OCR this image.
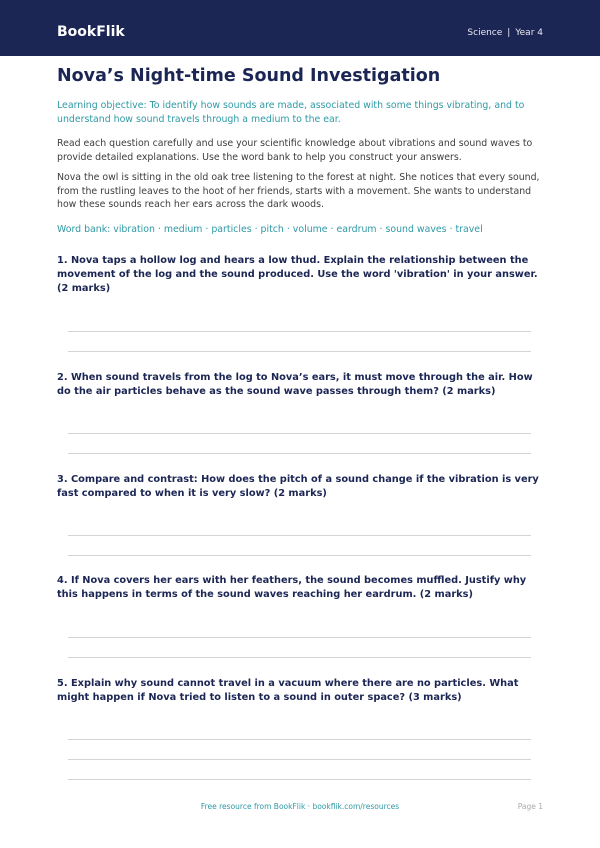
BookFlik	Science | Year 4
Nova’s Night-time Sound Investigation
Learning objective: To identify how sounds are made, associated with some things vibrating, and to understand how sound travels through a medium to the ear.
Read each question carefully and use your scientific knowledge about vibrations and sound waves to provide detailed explanations. Use the word bank to help you construct your answers.
Nova the owl is sitting in the old oak tree listening to the forest at night. She notices that every sound, from the rustling leaves to the hoot of her friends, starts with a movement. She wants to understand how these sounds reach her ears across the dark woods.
Word bank: vibration · medium · particles · pitch · volume · eardrum · sound waves · travel
1. Nova taps a hollow log and hears a low thud. Explain the relationship between the movement of the log and the sound produced. Use the word 'vibration' in your answer. (2 marks)
2. When sound travels from the log to Nova’s ears, it must move through the air. How do the air particles behave as the sound wave passes through them? (2 marks)
3. Compare and contrast: How does the pitch of a sound change if the vibration is very fast compared to when it is very slow? (2 marks)
4. If Nova covers her ears with her feathers, the sound becomes muffled. Justify why this happens in terms of the sound waves reaching her eardrum. (2 marks)
5. Explain why sound cannot travel in a vacuum where there are no particles. What might happen if Nova tried to listen to a sound in outer space? (3 marks)
Free resource from BookFlik · bookflik.com/resources	Page 1
